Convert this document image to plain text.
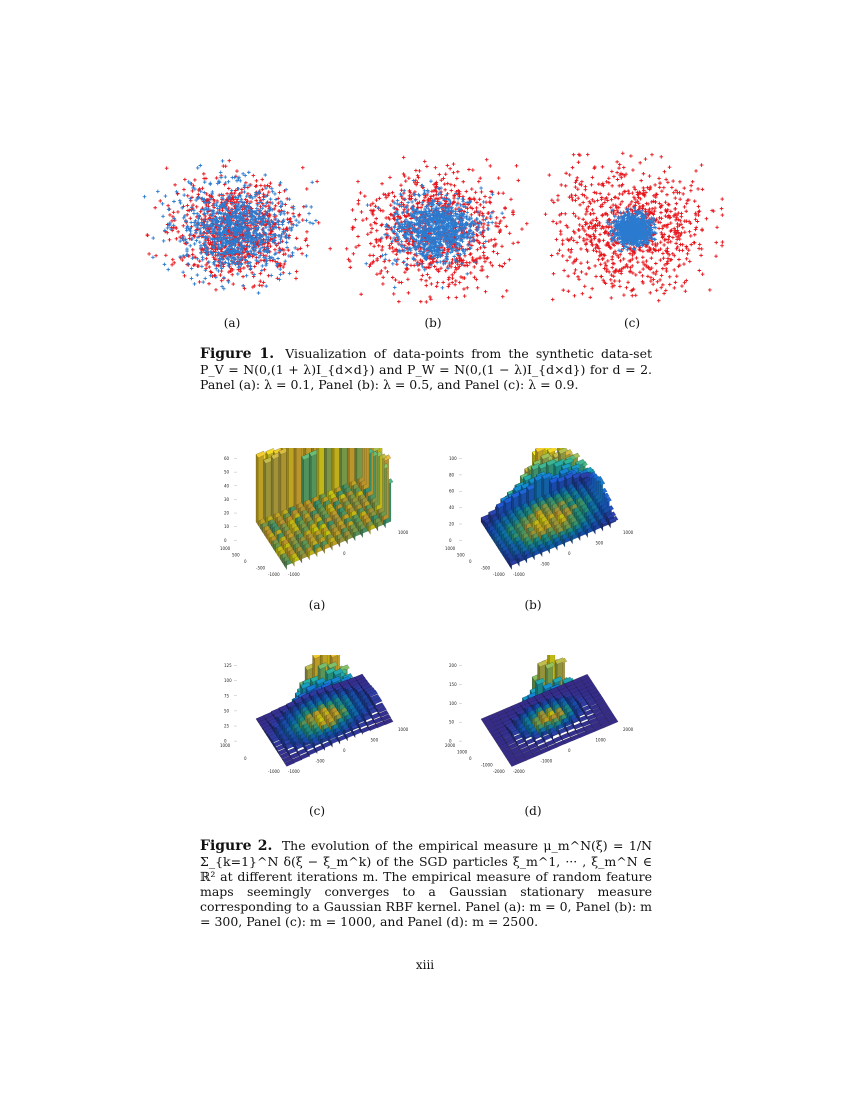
(a)	(b)	(c)
Figure 1. Visualization of data-points from the synthetic data-set P_V = N(0,(1 + λ)I_{d×d}) and P_W = N(0,(1 − λ)I_{d×d}) for d = 2. Panel (a): λ = 0.1, Panel (b): λ = 0.5, and Panel (c): λ = 0.9.
60
50
40
30
20
10
0
1000
500
0
-500
-1000 -1000
0
1000
100
80
60
40
20
0
1000
500
0
-500
-1000 -1000
-500
0
500
1000
125
100
75
50
25
0
1000
0
-1000 -1000
-500
0
500
1000
200
150
100
50
0
2000
1000
0
-1000
-2000 -2000
-1000
0
1000
2000
(a)	(b)
(c)	(d)
Figure 2. The evolution of the empirical measure μ_m^N(ξ) = 1/N Σ_{k=1}^N δ(ξ − ξ_m^k) of the SGD particles ξ_m^1, ··· , ξ_m^N ∈ ℝ² at different iterations m. The empirical measure of random feature maps seemingly converges to a Gaussian stationary measure corresponding to a Gaussian RBF kernel. Panel (a): m = 0, Panel (b): m = 300, Panel (c): m = 1000, and Panel (d): m = 2500.
xiii
